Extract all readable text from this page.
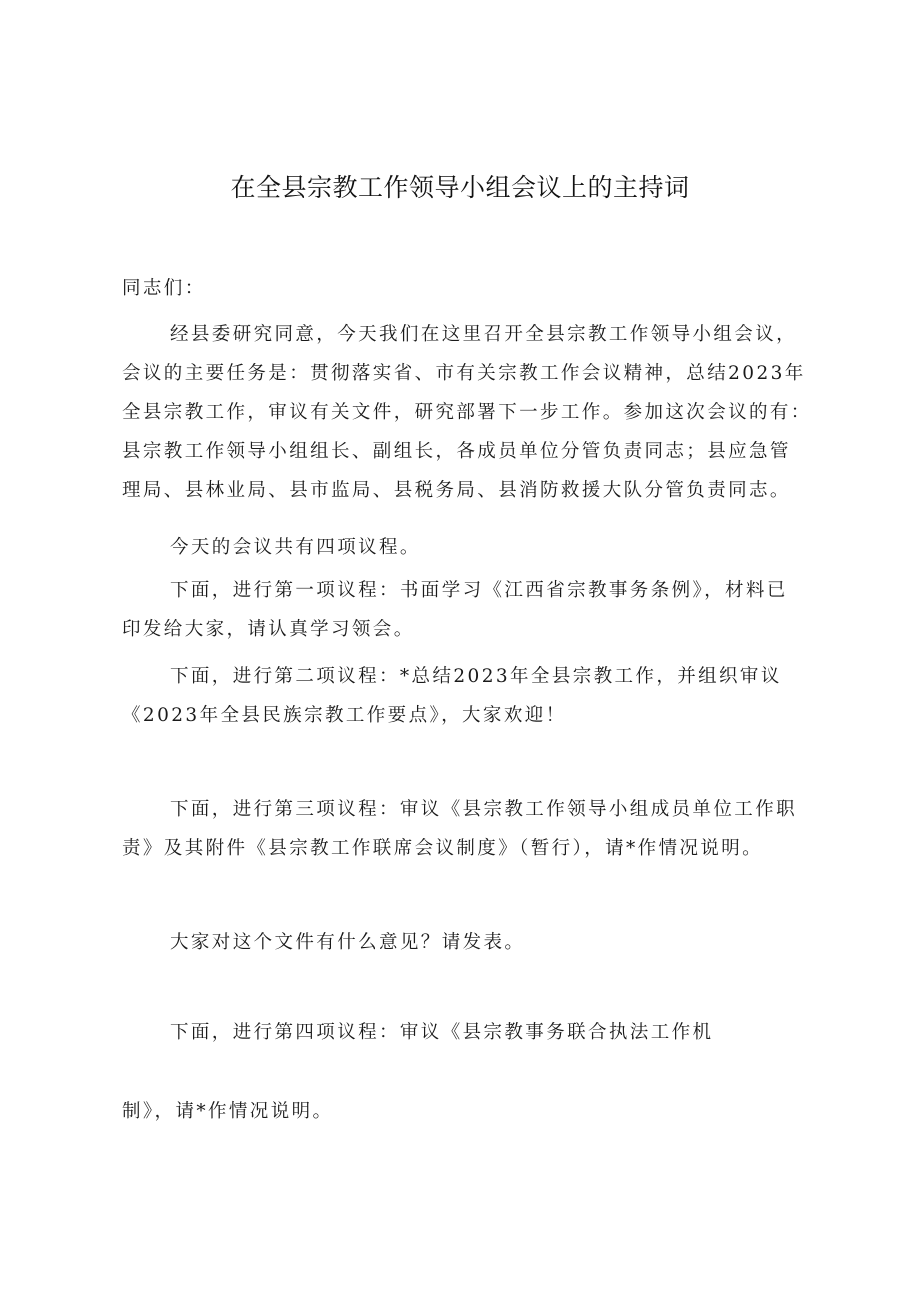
在全县宗教工作领导小组会议上的主持词

同志们：

经县委研究同意，今天我们在这里召开全县宗教工作领导小组会议，
会议的主要任务是：贯彻落实省、市有关宗教工作会议精神，总结2023年
全县宗教工作，审议有关文件，研究部署下一步工作。参加这次会议的有：
县宗教工作领导小组组长、副组长，各成员单位分管负责同志；县应急管
理局、县林业局、县市监局、县税务局、县消防救援大队分管负责同志。

今天的会议共有四项议程。

下面，进行第一项议程：书面学习《江西省宗教事务条例》，材料已
印发给大家，请认真学习领会。

下面，进行第二项议程：*总结2023年全县宗教工作，并组织审议
《2023年全县民族宗教工作要点》，大家欢迎！

下面，进行第三项议程：审议《县宗教工作领导小组成员单位工作职
责》及其附件《县宗教工作联席会议制度》（暂行），请*作情况说明。

大家对这个文件有什么意见？请发表。

下面，进行第四项议程：审议《县宗教事务联合执法工作机

制》，请*作情况说明。
